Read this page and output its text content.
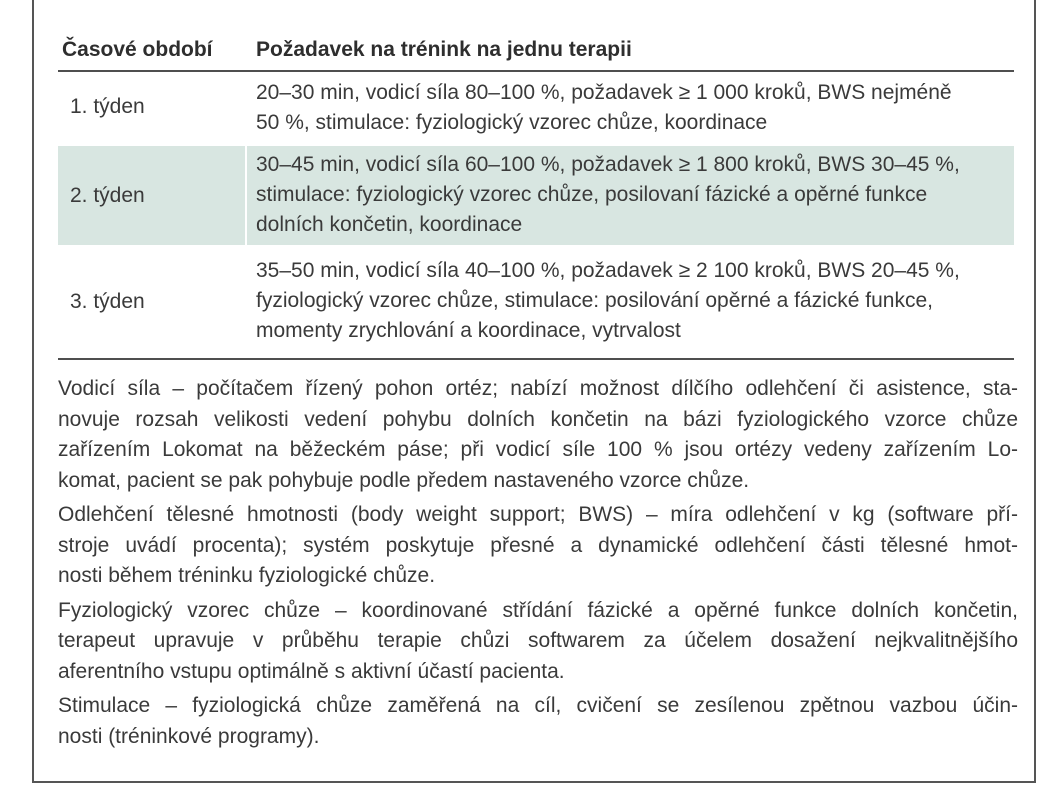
Časové období Požadavek na trénink na jednu terapii
1. týden
20–30 min, vodicí síla 80–100 %, požadavek ≥ 1 000 kroků, BWS nejméně
50 %, stimulace: fyziologický vzorec chůze, koordinace
2. týden
30–45 min, vodicí síla 60–100 %, požadavek ≥ 1 800 kroků, BWS 30–45 %,
stimulace: fyziologický vzorec chůze, posilovaní fázické a opěrné funkce
dolních končetin, koordinace
3. týden
35–50 min, vodicí síla 40–100 %, požadavek ≥ 2 100 kroků, BWS 20–45 %,
fyziologický vzorec chůze, stimulace: posilování opěrné a fázické funkce,
momenty zrychlování a koordinace, vytrvalost
Vodicí síla – počítačem řízený pohon ortéz; nabízí možnost dílčího odlehčení či asistence, sta-
novuje rozsah velikosti vedení pohybu dolních končetin na bázi fyziologického vzorce chůze
zařízením Lokomat na běžeckém páse; při vodicí síle 100 % jsou ortézy vedeny zařízením Lo-
komat, pacient se pak pohybuje podle předem nastaveného vzorce chůze.
Odlehčení tělesné hmotnosti (body weight support; BWS) – míra odlehčení v kg (software pří-
stroje uvádí procenta); systém poskytuje přesné a dynamické odlehčení části tělesné hmot-
nosti během tréninku fyziologické chůze.
Fyziologický vzorec chůze – koordinované střídání fázické a opěrné funkce dolních končetin,
terapeut upravuje v průběhu terapie chůzi softwarem za účelem dosažení nejkvalitnějšího
aferentního vstupu optimálně s aktivní účastí pacienta.
Stimulace – fyziologická chůze zaměřená na cíl, cvičení se zesílenou zpětnou vazbou účin-
nosti (tréninkové programy).
